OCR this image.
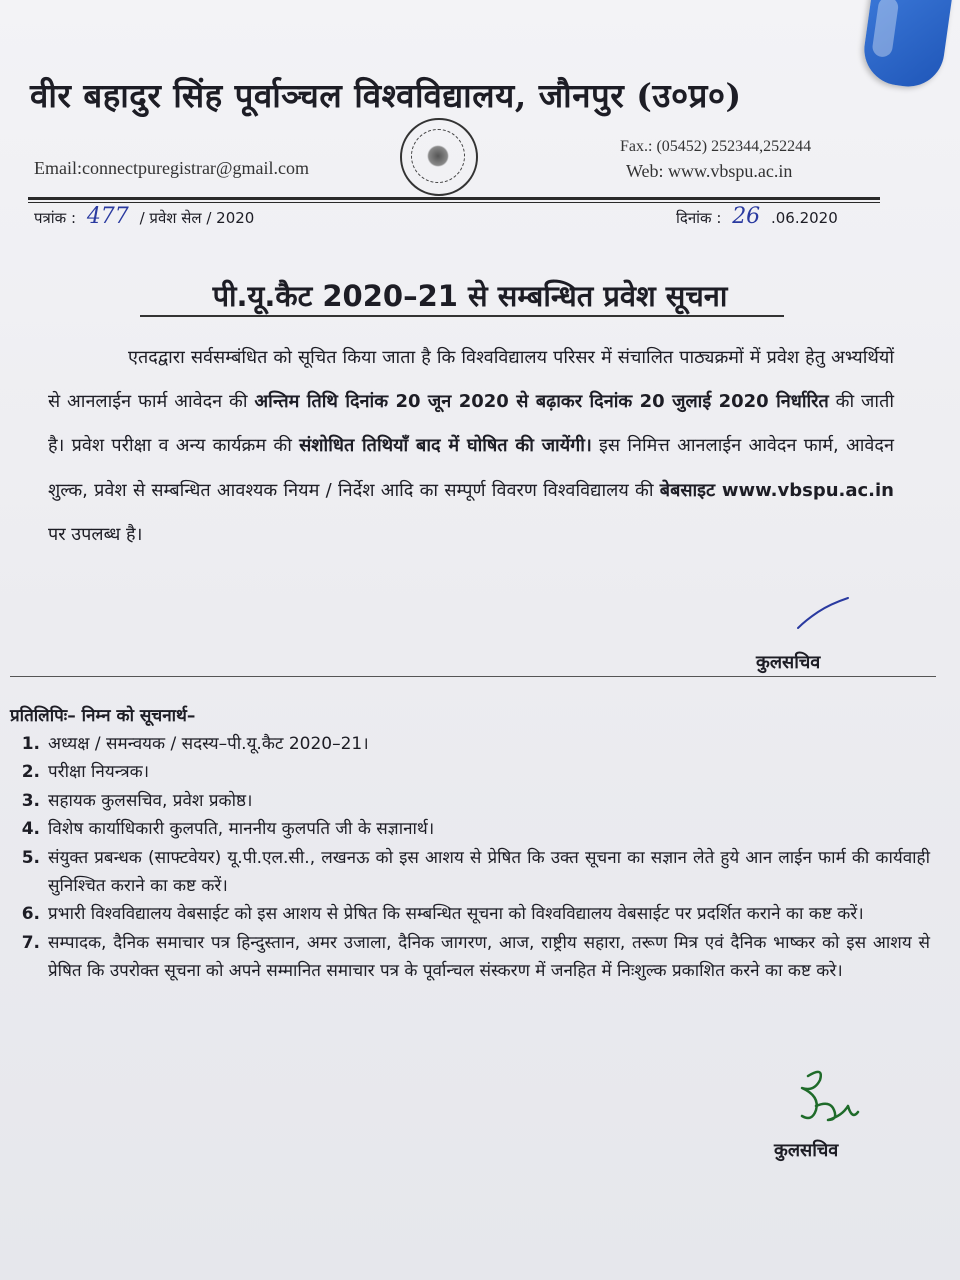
वीर बहादुर सिंह पूर्वाञ्चल विश्वविद्यालय, जौनपुर (उ०प्र०)
Email:connectpuregistrar@gmail.com
Fax.: (05452) 252344,252244
Web: www.vbspu.ac.in
पत्रांक : 477 / प्रवेश सेल / 2020	दिनांक : 26 .06.2020
पी.यू.कैट 2020–21 से सम्बन्धित प्रवेश सूचना
एतदद्वारा सर्वसम्बंधित को सूचित किया जाता है कि विश्वविद्यालय परिसर में संचालित पाठ्यक्रमों में प्रवेश हेतु अभ्यर्थियों से आनलाईन फार्म आवेदन की अन्तिम तिथि दिनांक 20 जून 2020 से बढ़ाकर दिनांक 20 जुलाई 2020 निर्धारित की जाती है। प्रवेश परीक्षा व अन्य कार्यक्रम की संशोधित तिथियाँ बाद में घोषित की जायेंगी। इस निमित्त आनलाईन आवेदन फार्म, आवेदन शुल्क, प्रवेश से सम्बन्धित आवश्यक नियम / निर्देश आदि का सम्पूर्ण विवरण विश्वविद्यालय की बेबसाइट www.vbspu.ac.in पर उपलब्ध है।
कुलसचिव
प्रतिलिपिः– निम्न को सूचनार्थ–
1. अध्यक्ष / समन्वयक / सदस्य–पी.यू.कैट 2020–21।
2. परीक्षा नियन्त्रक।
3. सहायक कुलसचिव, प्रवेश प्रकोष्ठ।
4. विशेष कार्याधिकारी कुलपति, माननीय कुलपति जी के सज्ञानार्थ।
5. संयुक्त प्रबन्धक (साफ्टवेयर) यू.पी.एल.सी., लखनऊ को इस आशय से प्रेषित कि उक्त सूचना का सज्ञान लेते हुये आन लाईन फार्म की कार्यवाही सुनिश्चित कराने का कष्ट करें।
6. प्रभारी विश्वविद्यालय वेबसाईट को इस आशय से प्रेषित कि सम्बन्धित सूचना को विश्वविद्यालय वेबसाईट पर प्रदर्शित कराने का कष्ट करें।
7. सम्पादक, दैनिक समाचार पत्र हिन्दुस्तान, अमर उजाला, दैनिक जागरण, आज, राष्ट्रीय सहारा, तरूण मित्र एवं दैनिक भाष्कर को इस आशय से प्रेषित कि उपरोक्त सूचना को अपने सम्मानित समाचार पत्र के पूर्वान्चल संस्करण में जनहित में निःशुल्क प्रकाशित करने का कष्ट करे।
कुलसचिव
